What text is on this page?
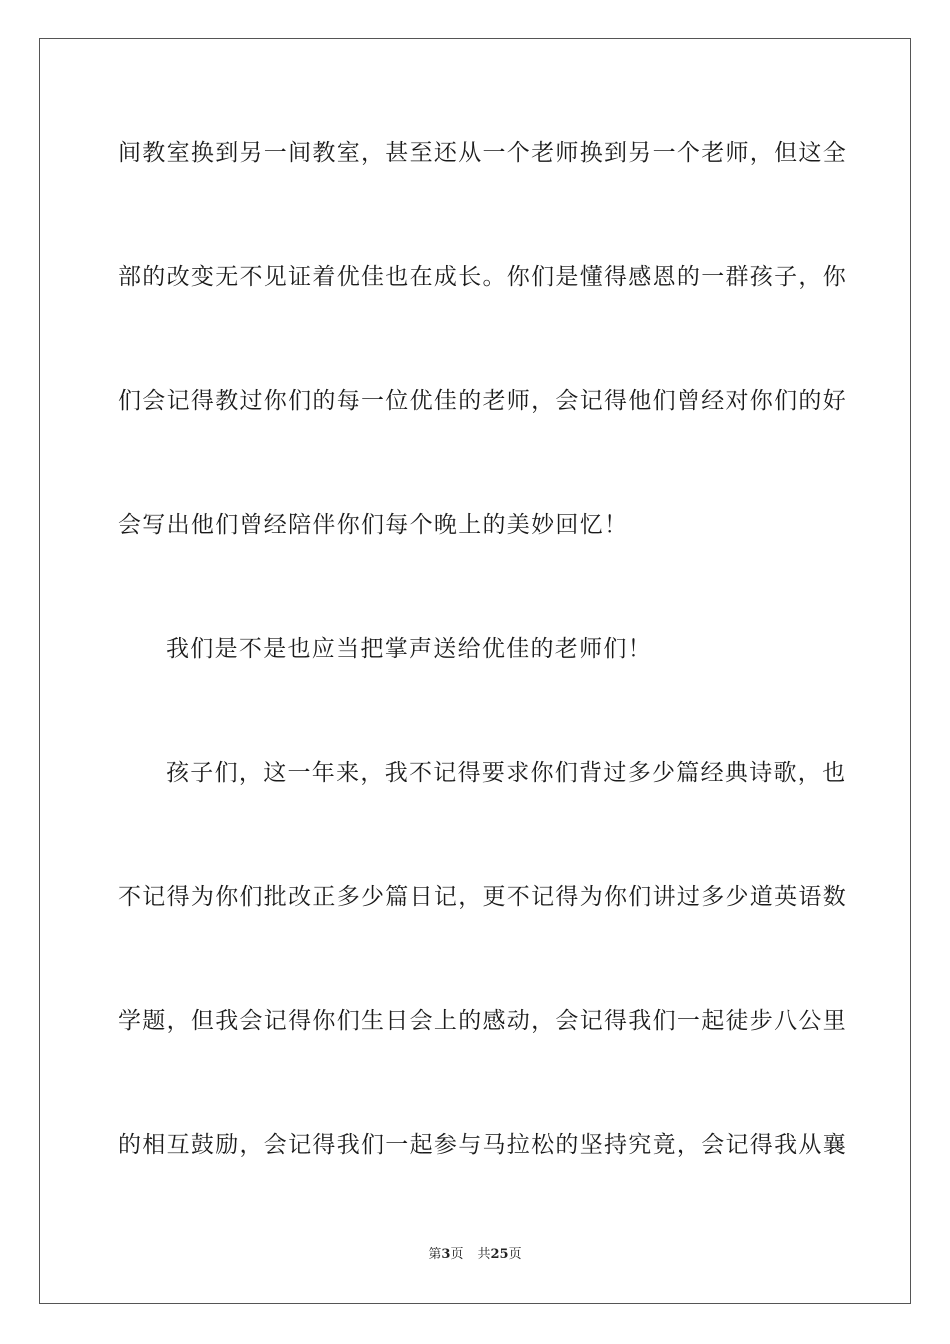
间教室换到另一间教室，甚至还从一个老师换到另一个老师，但这全

部的改变无不见证着优佳也在成长。你们是懂得感恩的一群孩子，你

们会记得教过你们的每一位优佳的老师，会记得他们曾经对你们的好

会写出他们曾经陪伴你们每个晚上的美妙回忆！

我们是不是也应当把掌声送给优佳的老师们！

孩子们，这一年来，我不记得要求你们背过多少篇经典诗歌，也

不记得为你们批改正多少篇日记，更不记得为你们讲过多少道英语数

学题，但我会记得你们生日会上的感动，会记得我们一起徒步八公里

的相互鼓励，会记得我们一起参与马拉松的坚持究竟，会记得我从襄

第3页 共25页
